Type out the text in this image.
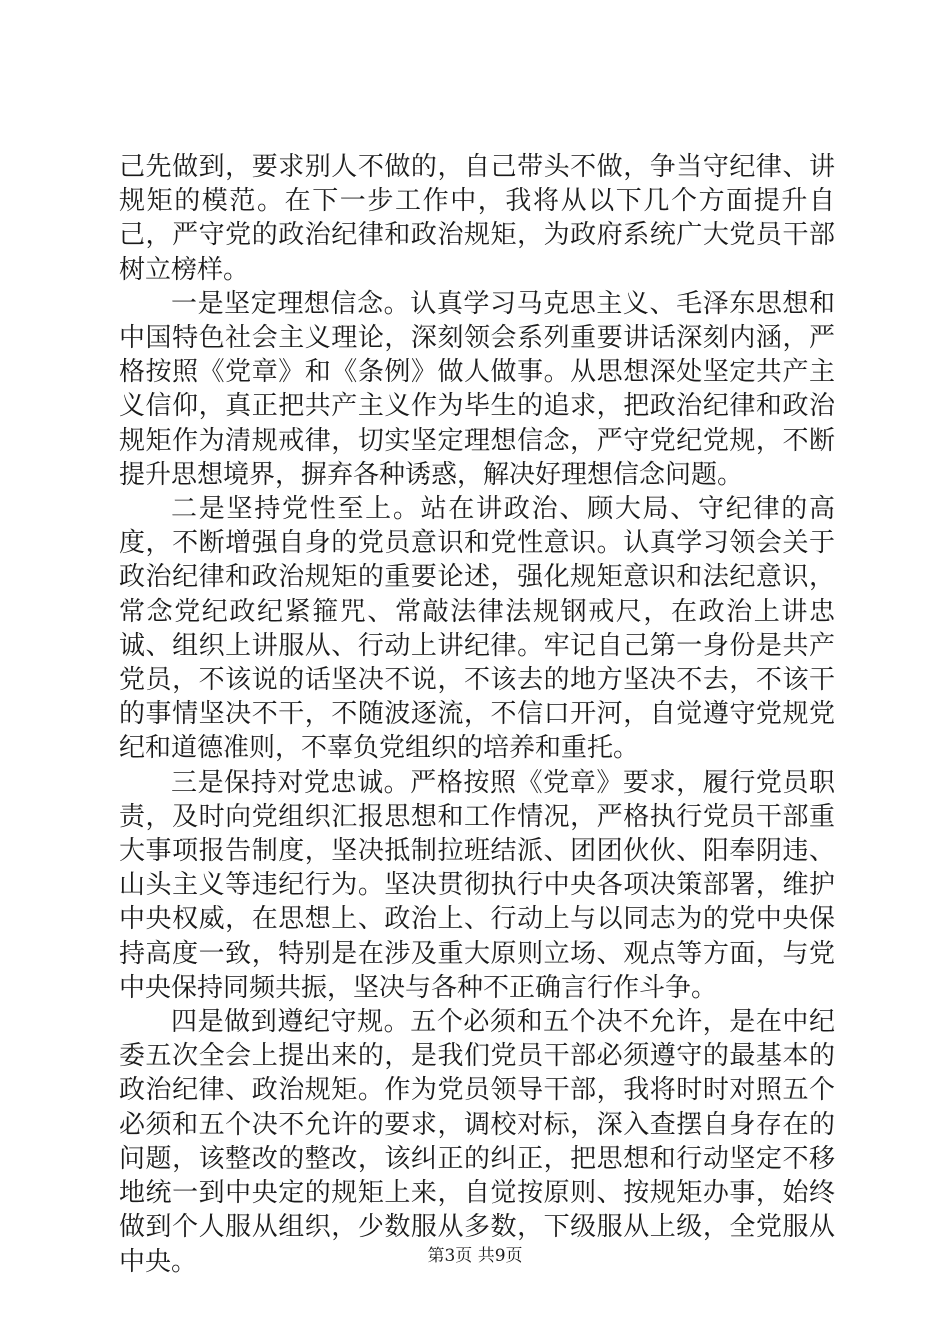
己先做到，要求别人不做的，自己带头不做，争当守纪律、讲规矩的模范。在下一步工作中，我将从以下几个方面提升自己，严守党的政治纪律和政治规矩，为政府系统广大党员干部树立榜样。

一是坚定理想信念。认真学习马克思主义、毛泽东思想和中国特色社会主义理论，深刻领会系列重要讲话深刻内涵，严格按照《党章》和《条例》做人做事。从思想深处坚定共产主义信仰，真正把共产主义作为毕生的追求，把政治纪律和政治规矩作为清规戒律，切实坚定理想信念，严守党纪党规，不断提升思想境界，摒弃各种诱惑，解决好理想信念问题。

二是坚持党性至上。站在讲政治、顾大局、守纪律的高度，不断增强自身的党员意识和党性意识。认真学习领会关于政治纪律和政治规矩的重要论述，强化规矩意识和法纪意识，常念党纪政纪紧箍咒、常敲法律法规钢戒尺，在政治上讲忠诚、组织上讲服从、行动上讲纪律。牢记自己第一身份是共产党员，不该说的话坚决不说，不该去的地方坚决不去，不该干的事情坚决不干，不随波逐流，不信口开河，自觉遵守党规党纪和道德准则，不辜负党组织的培养和重托。

三是保持对党忠诚。严格按照《党章》要求，履行党员职责，及时向党组织汇报思想和工作情况，严格执行党员干部重大事项报告制度，坚决抵制拉班结派、团团伙伙、阳奉阴违、山头主义等违纪行为。坚决贯彻执行中央各项决策部署，维护中央权威，在思想上、政治上、行动上与以同志为的党中央保持高度一致，特别是在涉及重大原则立场、观点等方面，与党中央保持同频共振，坚决与各种不正确言行作斗争。

四是做到遵纪守规。五个必须和五个决不允许，是在中纪委五次全会上提出来的，是我们党员干部必须遵守的最基本的政治纪律、政治规矩。作为党员领导干部，我将时时对照五个必须和五个决不允许的要求，调校对标，深入查摆自身存在的问题，该整改的整改，该纠正的纠正，把思想和行动坚定不移地统一到中央定的规矩上来，自觉按原则、按规矩办事，始终做到个人服从组织，少数服从多数，下级服从上级，全党服从中央。	第3页 共9页
